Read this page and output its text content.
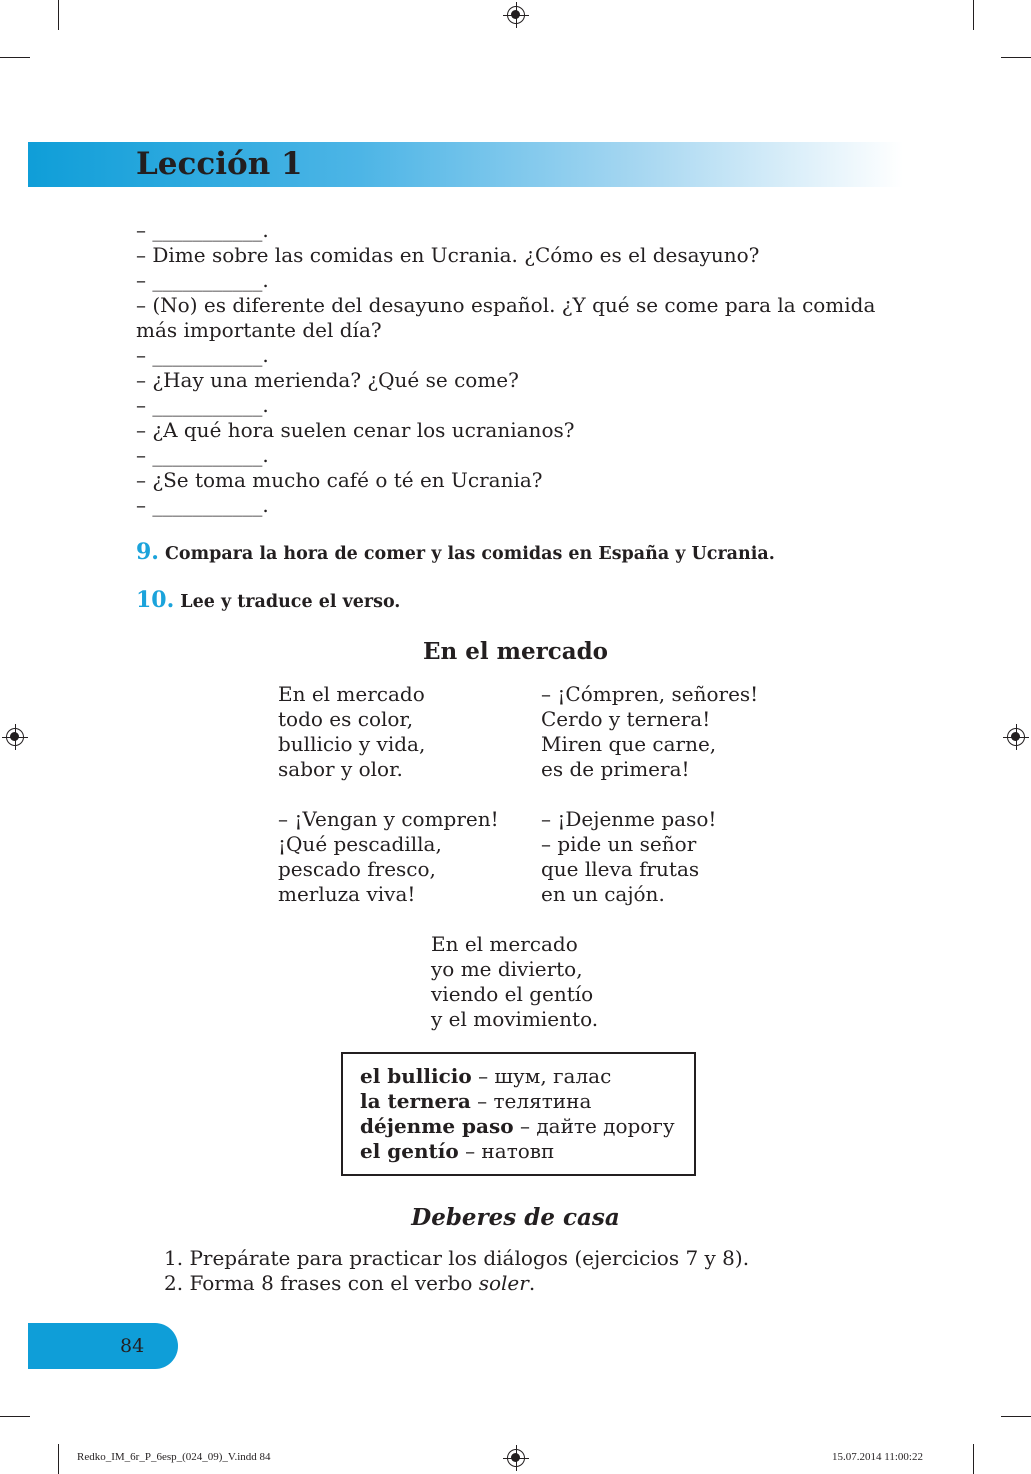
Lección 1

– ___________.

– Dime sobre las comidas en Ucrania. ¿Cómo es el desayuno?

– ___________.

– (No) es diferente del desayuno español. ¿Y qué se come para la comida más importante del día?

– ___________.

– ¿Hay una merienda? ¿Qué se come?

– ___________.

– ¿A qué hora suelen cenar los ucranianos?

– ___________.

– ¿Se toma mucho café o té en Ucrania?

– ___________.

9. Compara la hora de comer y las comidas en España y Ucrania.
10. Lee y traduce el verso.
En el mercado
En el mercado
todo es color,
bullicio y vida,
sabor y olor.
– ¡Cómpren, señores!
Cerdo y ternera!
Miren que carne,
es de primera!
– ¡Vengan y compren!
¡Qué pescadilla,
pescado fresco,
merluza viva!
– ¡Dejenme paso!
– pide un señor
que lleva frutas
en un cajón.
En el mercado
yo me divierto,
viendo el gentío
y el movimiento.
el bullicio – шум, галас
la ternera – телятина
déjenme paso – дайте дорогу
el gentío – натовп
Deberes de casa
1. Prepárate para practicar los diálogos (ejercicios 7 y 8).
2. Forma 8 frases con el verbo soler.
84
Redko_IM_6r_P_6esp_(024_09)_V.indd 84	15.07.2014 11:00:22
